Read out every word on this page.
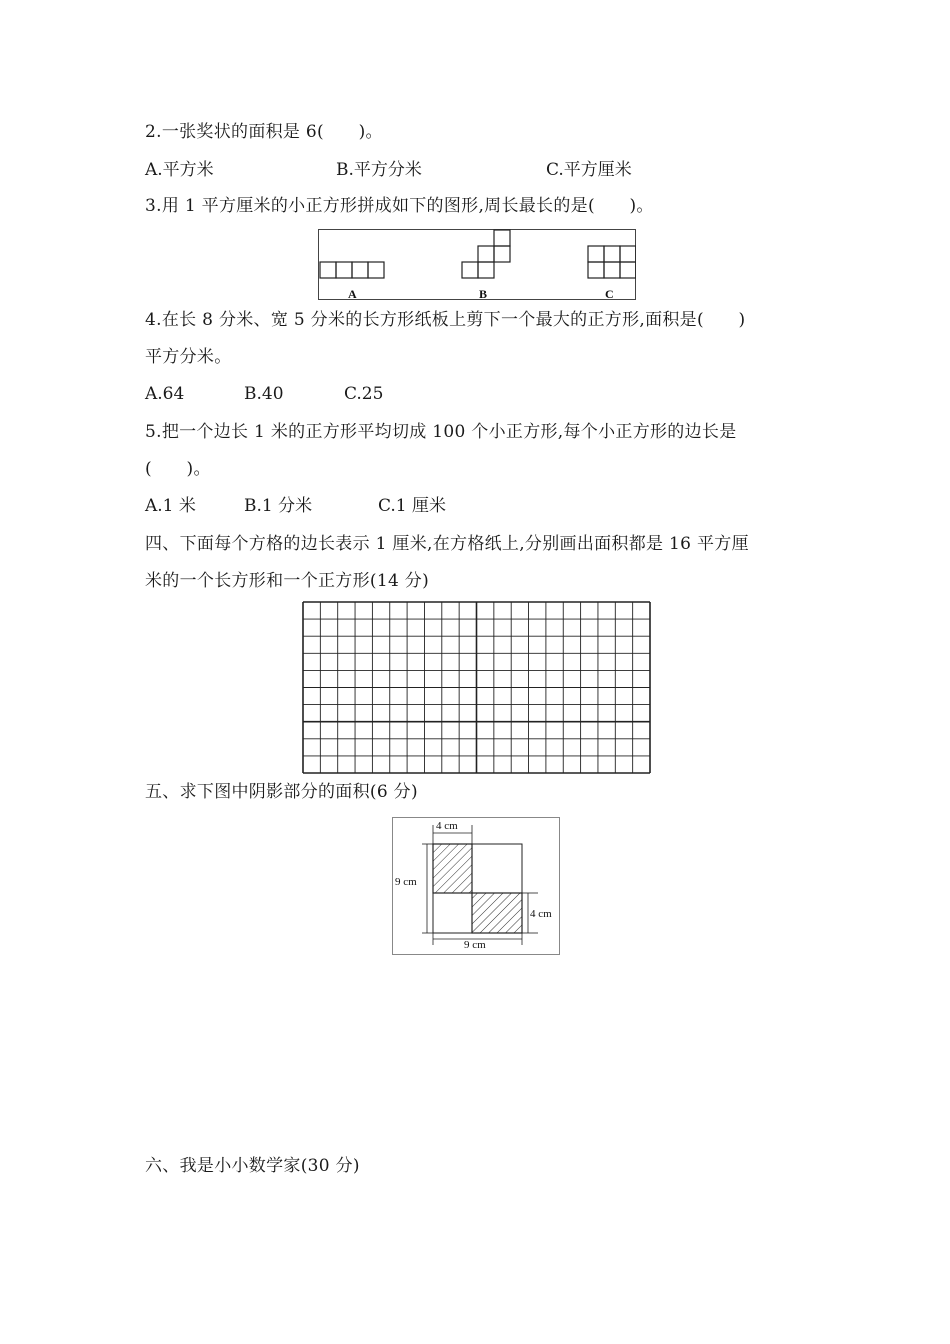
2.一张奖状的面积是 6(　　)。
A.平方米	B.平方分米	C.平方厘米
3.用 1 平方厘米的小正方形拼成如下的图形,周长最长的是(　　)。
A	B	C
4.在长 8 分米、宽 5 分米的长方形纸板上剪下一个最大的正方形,面积是(　　)
平方分米。
A.64	B.40	C.25
5.把一个边长 1 米的正方形平均切成 100 个小正方形,每个小正方形的边长是
(　　)。
A.1 米	B.1 分米	C.1 厘米
四、下面每个方格的边长表示 1 厘米,在方格纸上,分别画出面积都是 16 平方厘
米的一个长方形和一个正方形(14 分)
五、求下图中阴影部分的面积(6 分)
4 cm
9 cm
4 cm
9 cm
六、我是小小数学家(30 分)
